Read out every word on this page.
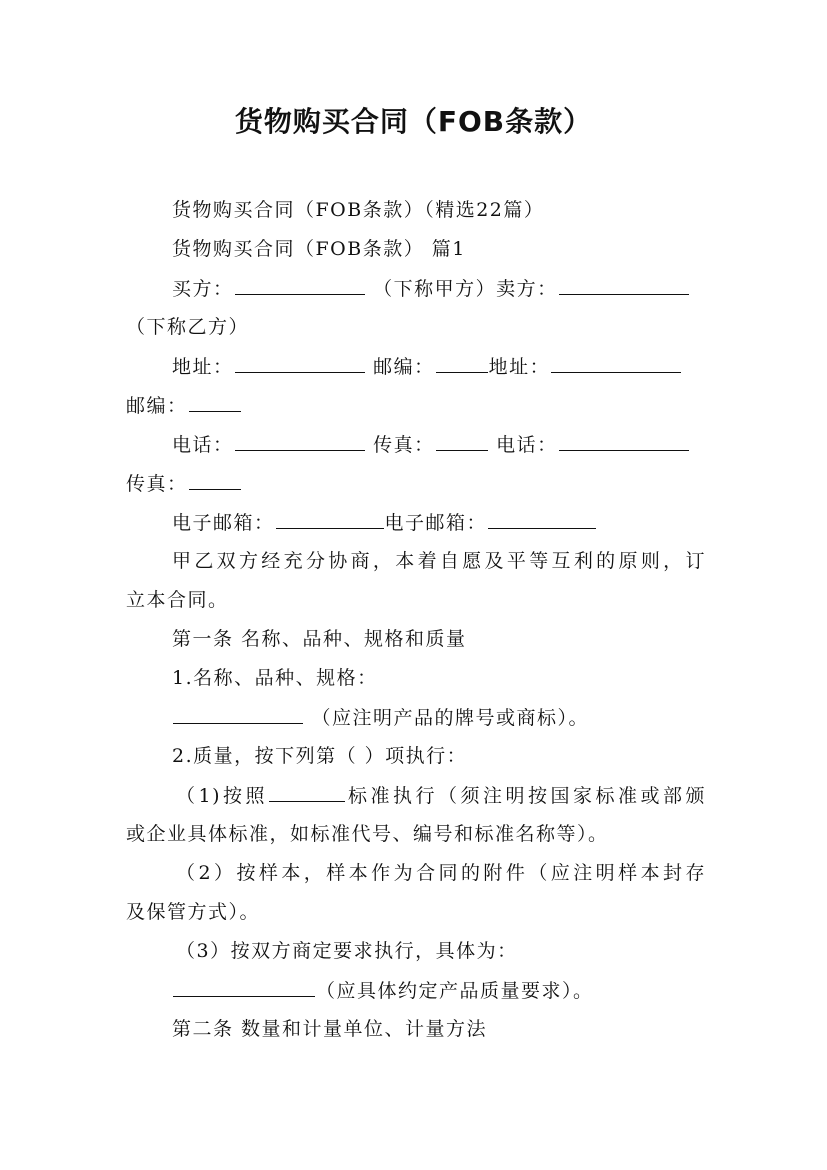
货物购买合同（FOB条款）
货物购买合同（FOB条款）（精选22篇）
货物购买合同（FOB条款） 篇1
买方：	（下称甲方）卖方：
（下称乙方）
地址：	邮编：	地址：
邮编：
电话：	传真：	电话：
传真：
电子邮箱：	电子邮箱：
甲乙双方经充分协商，本着自愿及平等互利的原则，订
立本合同。
第一条 名称、品种、规格和质量
1.名称、品种、规格：
（应注明产品的牌号或商标）。
2.质量，按下列第（ ）项执行：
（1)按照	标准执行（须注明按国家标准或部颁
或企业具体标准，如标准代号、编号和标准名称等）。
（2）按样本，样本作为合同的附件（应注明样本封存
及保管方式）。
（3）按双方商定要求执行，具体为：
（应具体约定产品质量要求）。
第二条 数量和计量单位、计量方法
